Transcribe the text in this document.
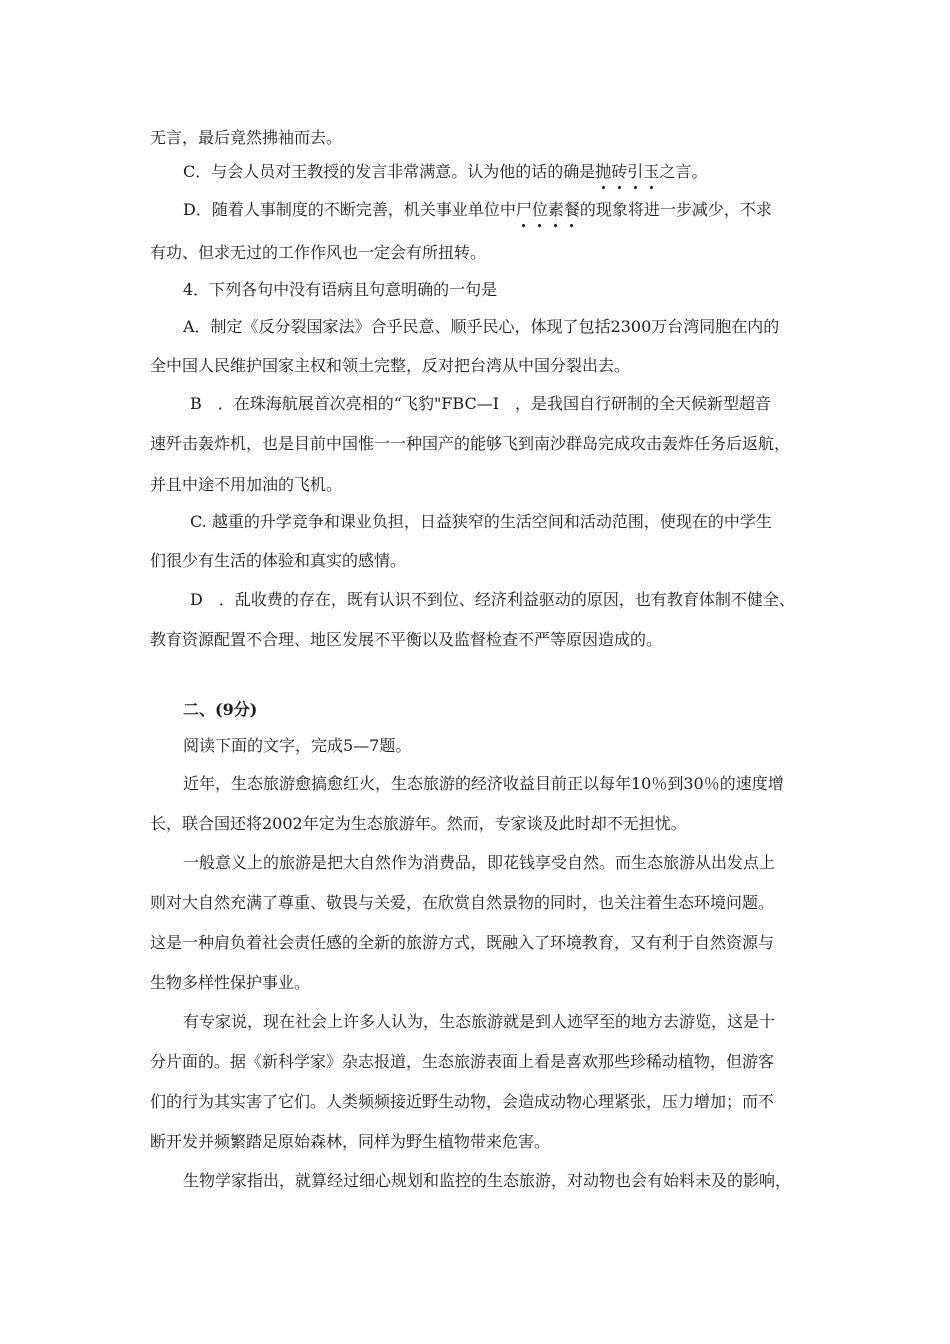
无言，最后竟然拂袖而去。
C．与会人员对王教授的发言非常满意。认为他的话的确是抛砖引玉之言。
D．随着人事制度的不断完善，机关事业单位中尸位素餐的现象将进一步减少，不求
有功、但求无过的工作作风也一定会有所扭转。
4．下列各句中没有语病且句意明确的一句是
A．制定《反分裂国家法》合乎民意、顺乎民心，体现了包括2300万台湾同胞在内的
全中国人民维护国家主权和领土完整，反对把台湾从中国分裂出去。
B　．在珠海航展首次亮相的“飞豹"FBC—Ⅰ　，是我国自行研制的全天候新型超音
速歼击轰炸机，也是目前中国惟一一种国产的能够飞到南沙群岛完成攻击轰炸任务后返航，
并且中途不用加油的飞机。
C. 越重的升学竞争和课业负担，日益狭窄的生活空间和活动范围，使现在的中学生
们很少有生活的体验和真实的感情。
D　．乱收费的存在，既有认识不到位、经济利益驱动的原因，也有教育体制不健全、
教育资源配置不合理、地区发展不平衡以及监督检查不严等原因造成的。
二、(9分)
阅读下面的文字，完成5—7题。
近年，生态旅游愈搞愈红火，生态旅游的经济收益目前正以每年10％到30％的速度增
长，联合国还将2002年定为生态旅游年。然而，专家谈及此时却不无担忧。
一般意义上的旅游是把大自然作为消费品，即花钱享受自然。而生态旅游从出发点上
则对大自然充满了尊重、敬畏与关爱，在欣赏自然景物的同时，也关注着生态环境问题。
这是一种肩负着社会责任感的全新的旅游方式，既融入了环境教育，又有利于自然资源与
生物多样性保护事业。
有专家说，现在社会上许多人认为，生态旅游就是到人迹罕至的地方去游览，这是十
分片面的。据《新科学家》杂志报道，生态旅游表面上看是喜欢那些珍稀动植物，但游客
们的行为其实害了它们。人类频频接近野生动物，会造成动物心理紧张，压力增加；而不
断开发并频繁踏足原始森林，同样为野生植物带来危害。
生物学家指出，就算经过细心规划和监控的生态旅游，对动物也会有始料未及的影响，
